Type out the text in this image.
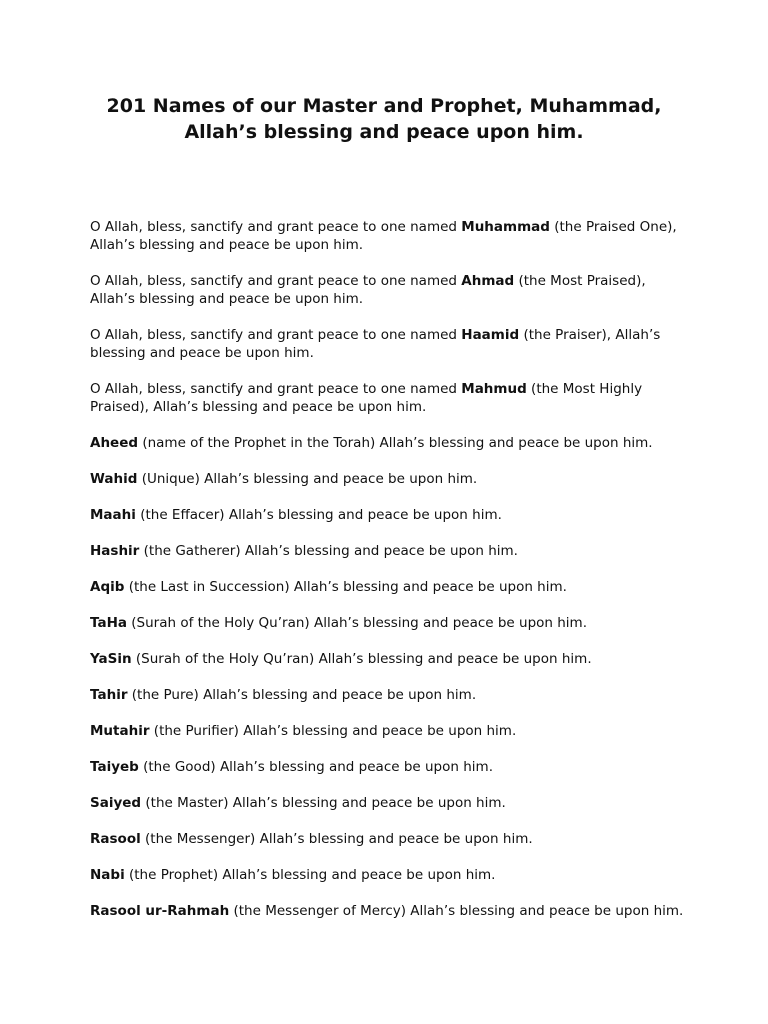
201 Names of our Master and Prophet, Muhammad,
Allah’s blessing and peace upon him.

O Allah, bless, sanctify and grant peace to one named Muhammad (the Praised One), Allah’s blessing and peace be upon him.

O Allah, bless, sanctify and grant peace to one named Ahmad (the Most Praised), Allah’s blessing and peace be upon him.

O Allah, bless, sanctify and grant peace to one named Haamid (the Praiser), Allah’s blessing and peace be upon him.

O Allah, bless, sanctify and grant peace to one named Mahmud (the Most Highly Praised), Allah’s blessing and peace be upon him.

Aheed (name of the Prophet in the Torah) Allah’s blessing and peace be upon him.

Wahid (Unique) Allah’s blessing and peace be upon him.

Maahi (the Effacer) Allah’s blessing and peace be upon him.

Hashir (the Gatherer) Allah’s blessing and peace be upon him.

Aqib (the Last in Succession) Allah’s blessing and peace be upon him.

TaHa (Surah of the Holy Qu’ran) Allah’s blessing and peace be upon him.

YaSin (Surah of the Holy Qu’ran) Allah’s blessing and peace be upon him.

Tahir (the Pure) Allah’s blessing and peace be upon him.

Mutahir (the Purifier) Allah’s blessing and peace be upon him.

Taiyeb (the Good) Allah’s blessing and peace be upon him.

Saiyed (the Master) Allah’s blessing and peace be upon him.

Rasool (the Messenger) Allah’s blessing and peace be upon him.

Nabi (the Prophet) Allah’s blessing and peace be upon him.

Rasool ur-Rahmah (the Messenger of Mercy) Allah’s blessing and peace be upon him.
